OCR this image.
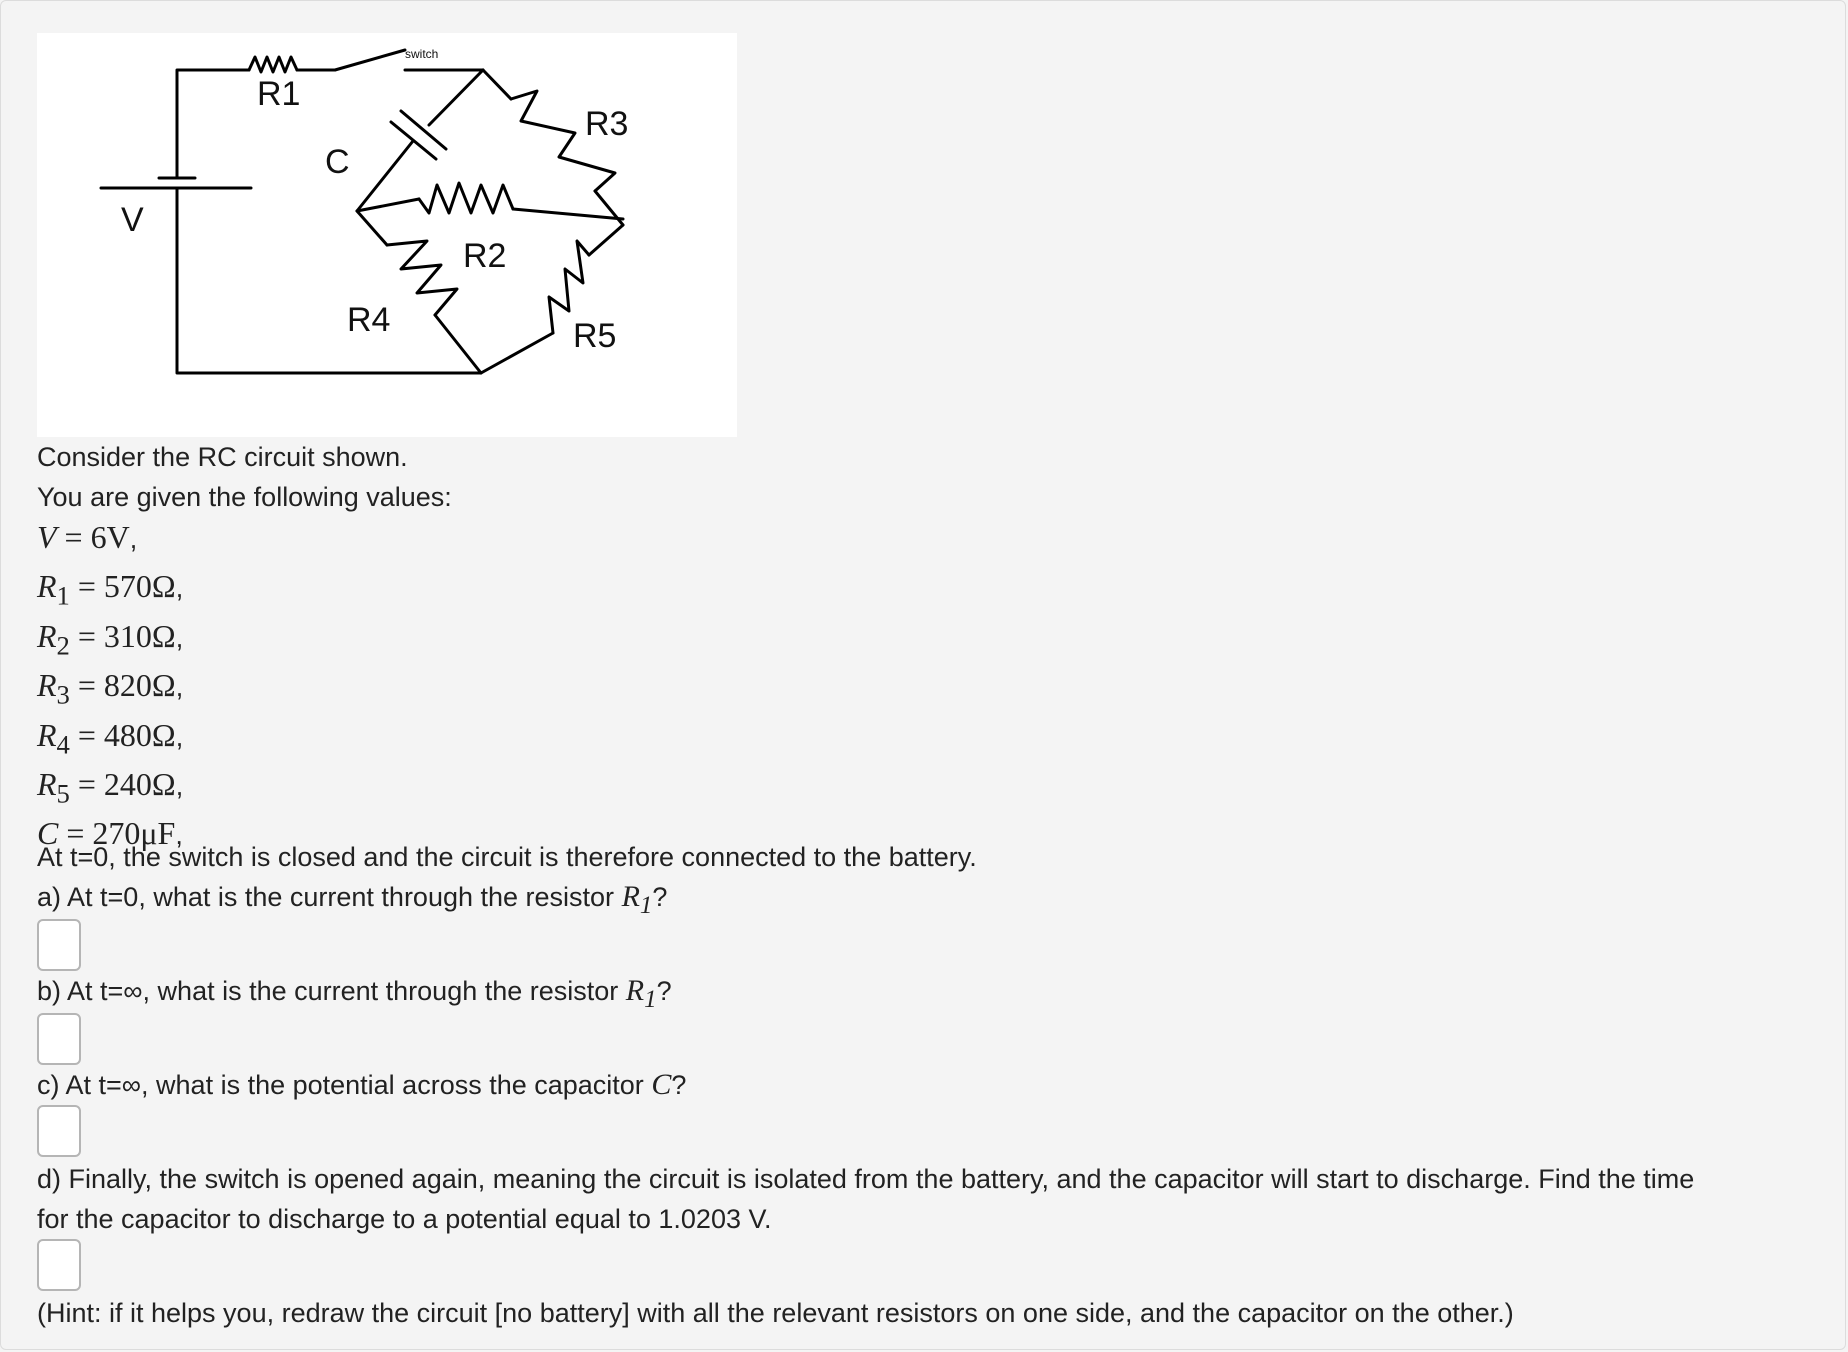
switch
R1
R3
C
V
R2
R4	R5
Consider the RC circuit shown.
You are given the following values:
V = 6V,
$R_1 = 570\Omega$,
$R_2 = 310\Omega$,
$R_3 = 820\Omega$,
$R_4 = 480\Omega$,
$R_5 = 240\Omega$,
C = 270μF,
At t=0, the switch is closed and the circuit is therefore connected to the battery.
a) At t=0, what is the current through the resistor $R_1$?
b) At t=∞, what is the current through the resistor $R_1$?
c) At t=∞, what is the potential across the capacitor C?
d) Finally, the switch is opened again, meaning the circuit is isolated from the battery, and the capacitor will start to discharge. Find the time
for the capacitor to discharge to a potential equal to 1.0203 V.
(Hint: if it helps you, redraw the circuit [no battery] with all the relevant resistors on one side, and the capacitor on the other.)
